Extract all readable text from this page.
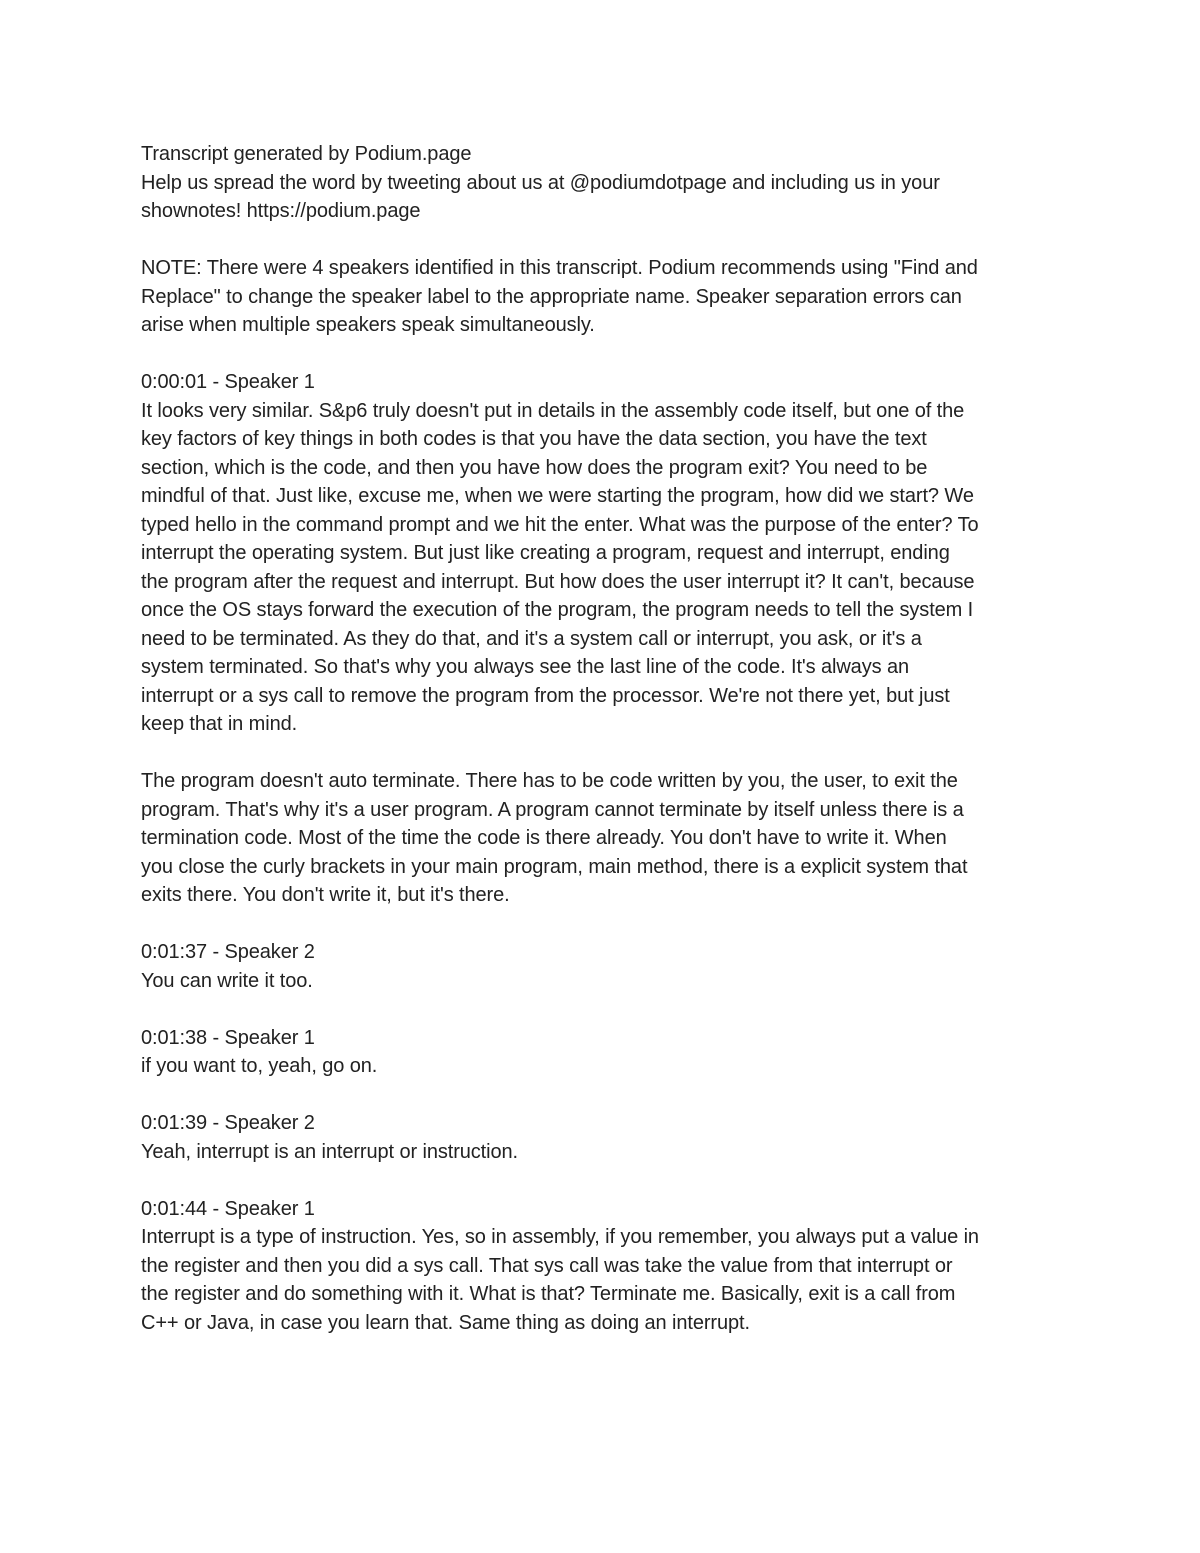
Transcript generated by Podium.page
Help us spread the word by tweeting about us at @podiumdotpage and including us in your
shownotes! https://podium.page
NOTE: There were 4 speakers identified in this transcript. Podium recommends using "Find and
Replace" to change the speaker label to the appropriate name. Speaker separation errors can
arise when multiple speakers speak simultaneously.
0:00:01 - Speaker 1
It looks very similar. S&p6 truly doesn't put in details in the assembly code itself, but one of the
key factors of key things in both codes is that you have the data section, you have the text
section, which is the code, and then you have how does the program exit? You need to be
mindful of that. Just like, excuse me, when we were starting the program, how did we start? We
typed hello in the command prompt and we hit the enter. What was the purpose of the enter? To
interrupt the operating system. But just like creating a program, request and interrupt, ending
the program after the request and interrupt. But how does the user interrupt it? It can't, because
once the OS stays forward the execution of the program, the program needs to tell the system I
need to be terminated. As they do that, and it's a system call or interrupt, you ask, or it's a
system terminated. So that's why you always see the last line of the code. It's always an
interrupt or a sys call to remove the program from the processor. We're not there yet, but just
keep that in mind.
The program doesn't auto terminate. There has to be code written by you, the user, to exit the
program. That's why it's a user program. A program cannot terminate by itself unless there is a
termination code. Most of the time the code is there already. You don't have to write it. When
you close the curly brackets in your main program, main method, there is a explicit system that
exits there. You don't write it, but it's there.
0:01:37 - Speaker 2
You can write it too.
0:01:38 - Speaker 1
if you want to, yeah, go on.
0:01:39 - Speaker 2
Yeah, interrupt is an interrupt or instruction.
0:01:44 - Speaker 1
Interrupt is a type of instruction. Yes, so in assembly, if you remember, you always put a value in
the register and then you did a sys call. That sys call was take the value from that interrupt or
the register and do something with it. What is that? Terminate me. Basically, exit is a call from
C++ or Java, in case you learn that. Same thing as doing an interrupt.
